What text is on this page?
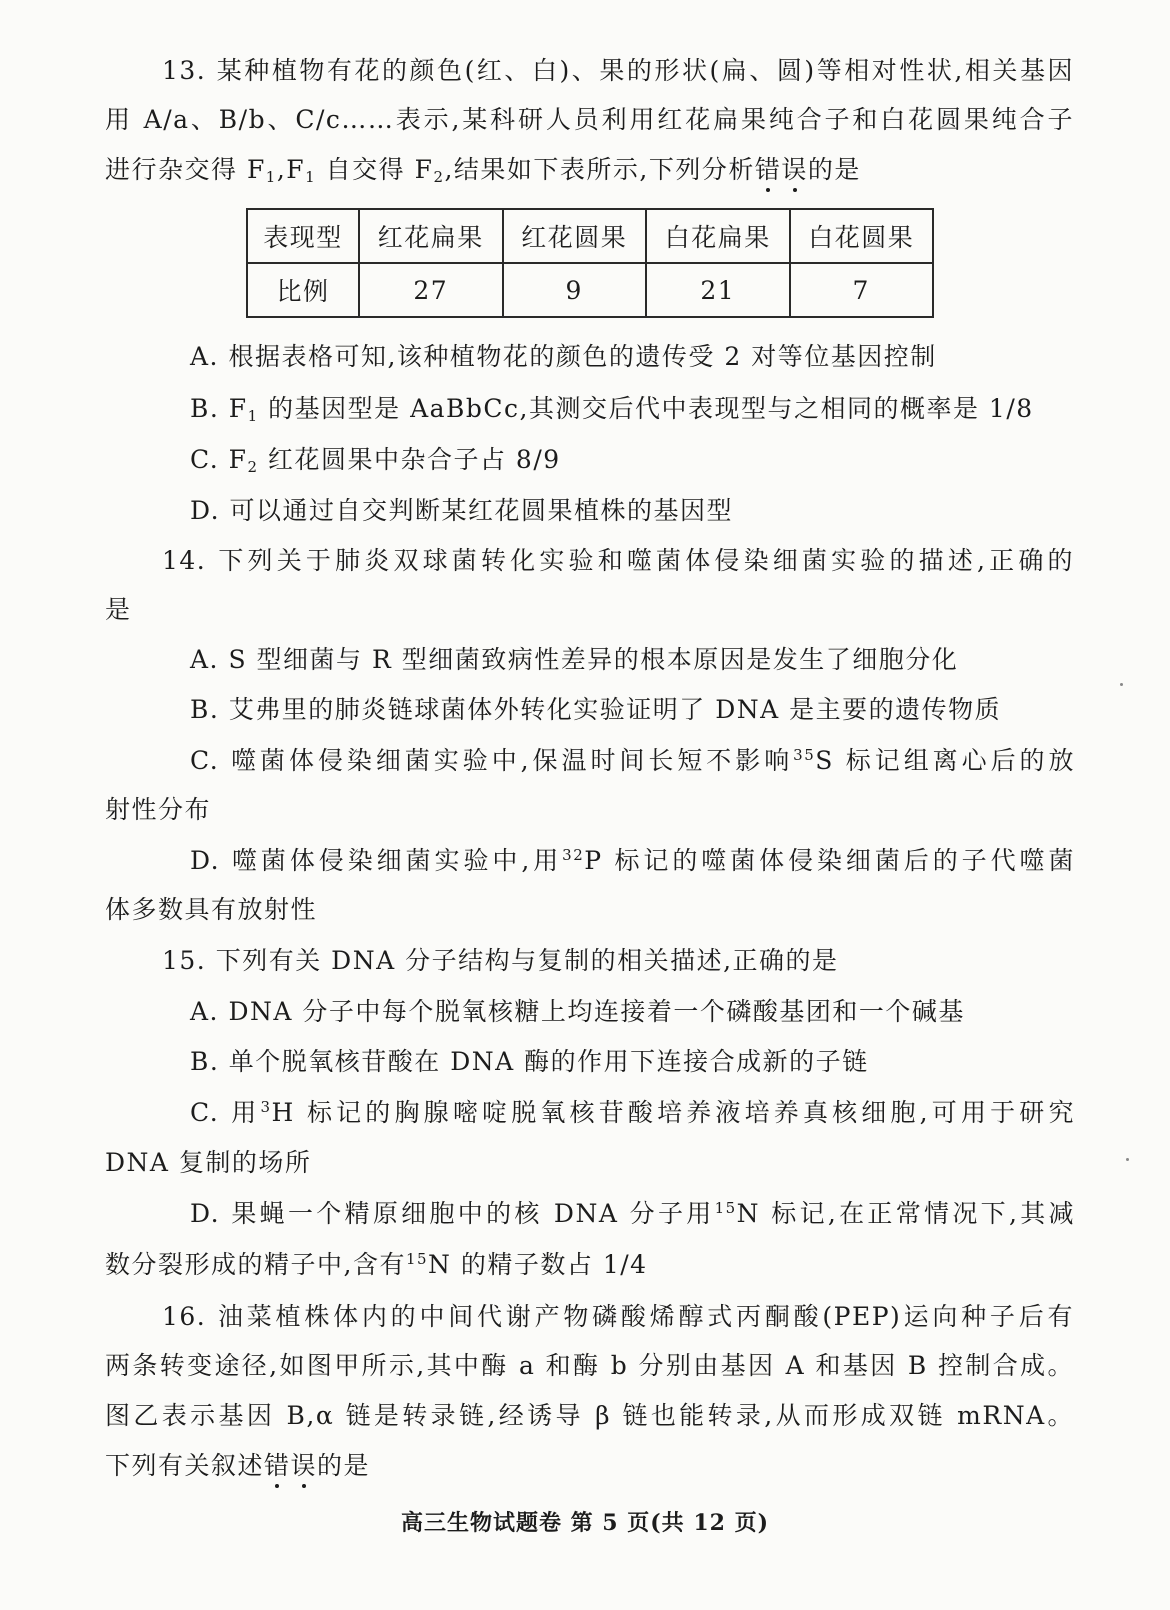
13. 某种植物有花的颜色(红、白)、果的形状(扁、圆)等相对性状,相关基因
用 A/a、B/b、C/c……表示,某科研人员利用红花扁果纯合子和白花圆果纯合子
进行杂交得 $F_1,F_1$ 自交得 $F_2$,结果如下表所示,下列分析错误的是
表现型	红花扁果	红花圆果	白花扁果	白花圆果
比例	27	9	21	7
A. 根据表格可知,该种植物花的颜色的遗传受 2 对等位基因控制
B. $F_1$ 的基因型是 AaBbCc,其测交后代中表现型与之相同的概率是 1/8
C. $F_2$ 红花圆果中杂合子占 8/9
D. 可以通过自交判断某红花圆果植株的基因型
14. 下列关于肺炎双球菌转化实验和噬菌体侵染细菌实验的描述,正确的
是
A. S 型细菌与 R 型细菌致病性差异的根本原因是发生了细胞分化
B. 艾弗里的肺炎链球菌体外转化实验证明了 DNA 是主要的遗传物质
C. 噬菌体侵染细菌实验中,保温时间长短不影响$^{35}$S 标记组离心后的放
射性分布
D. 噬菌体侵染细菌实验中,用$^{32}$P 标记的噬菌体侵染细菌后的子代噬菌
体多数具有放射性
15. 下列有关 DNA 分子结构与复制的相关描述,正确的是
A. DNA 分子中每个脱氧核糖上均连接着一个磷酸基团和一个碱基
B. 单个脱氧核苷酸在 DNA 酶的作用下连接合成新的子链
C. 用$^3$H 标记的胸腺嘧啶脱氧核苷酸培养液培养真核细胞,可用于研究
DNA 复制的场所
D. 果蝇一个精原细胞中的核 DNA 分子用$^{15}$N 标记,在正常情况下,其减
数分裂形成的精子中,含有$^{15}$N 的精子数占 1/4
16. 油菜植株体内的中间代谢产物磷酸烯醇式丙酮酸(PEP)运向种子后有
两条转变途径,如图甲所示,其中酶 a 和酶 b 分别由基因 A 和基因 B 控制合成。
图乙表示基因 B,α 链是转录链,经诱导 β 链也能转录,从而形成双链 mRNA。
下列有关叙述错误的是
高三生物试题卷 第 5 页(共 12 页)
